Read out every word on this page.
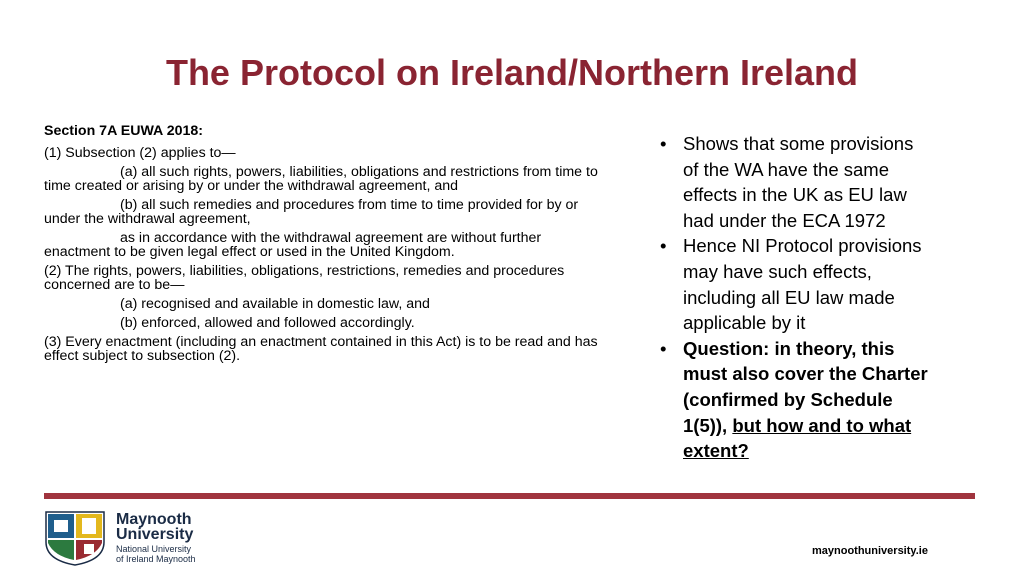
The Protocol on Ireland/Northern Ireland

Section 7A EUWA 2018:

(1) Subsection (2) applies to—

(a) all such rights, powers, liabilities, obligations and restrictions from time to time created or arising by or under the withdrawal agreement, and

(b) all such remedies and procedures from time to time provided for by or under the withdrawal agreement,

as in accordance with the withdrawal agreement are without further enactment to be given legal effect or used in the United Kingdom.

(2) The rights, powers, liabilities, obligations, restrictions, remedies and procedures concerned are to be—

(a) recognised and available in domestic law, and

(b) enforced, allowed and followed accordingly.

(3) Every enactment (including an enactment contained in this Act) is to be read and has effect subject to subsection (2).

• Shows that some provisions of the WA have the same effects in the UK as EU law had under the ECA 1972
• Hence NI Protocol provisions may have such effects, including all EU law made applicable by it
• Question: in theory, this must also cover the Charter (confirmed by Schedule 1(5)), but how and to what extent?
Maynooth
University
National University
of Ireland Maynooth
maynoothuniversity.ie
